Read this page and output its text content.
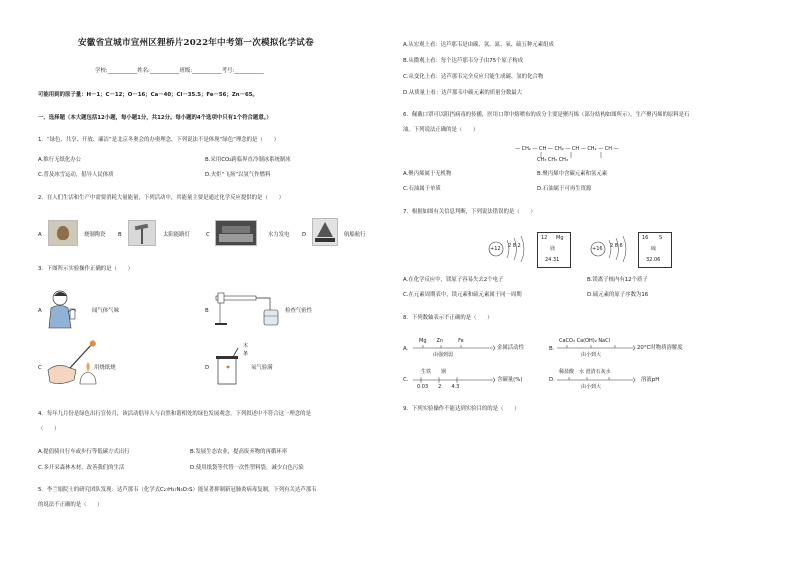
安徽省宣城市宣州区狸桥片2022年中考第一次模拟化学试卷
学校:___________姓名:___________班级:___________考号:___________
可能用到的原子量：H－1；C－12；O－16；Ca－40；Cl－35.5；Fe－56；Zn－65。
一、选择题（本大题包括12小题，每小题1分，共12分。每小题的4个选项中只有1个符合题意。）
1．“绿色、共享、开放、廉洁”是北京冬奥会的办奥理念，下列说法不是体现“绿色”理念的是（　　）
A.推行无纸化办公	B.采用CO₂跨临界直冷制冰系统制冰
C.普及冰雪运动，倡导人民体质	D.火炬“飞扬”以氢气作燃料
2．在人们生活和生产中需要消耗大量能量，下列活动中，其能量主要是通过化学反应提供的是（　　）
A	烧制陶瓷 B	太阳能路灯	C	水力发电 D	航船航行
3．下图所示实验操作正确的是（　　）
A	闻气体气味	B	检查气密性
C	用烧纸烧	D
木
条
氧气验满
4．每年九月份是绿色出行宣传月，该活动倡导人与自然和谐相处的绿色发展观念。下列叙述中不符合这一理念的是
（　　）
A.提倡骑自行车或步行等低碳方式出行	B.发展生态农业，提高废弃物的再循环率
C.多开采森林木材，改善我们的生活	D.使用纸袋等代替一次性塑料袋，减少白色污染
5．李兰娟院士的研究团队发现：达芦那韦（化学式C₂₇H₃₇N₃O₇S）能显著抑制新冠肺炎病毒复制，下列有关达芦那韦
的说法不正确的是（　　）
A.从宏观上看：达芦那韦是由碳、氢、氮、氧、硫五种元素组成
B.从微观上看：每个达芦那韦分子由75个原子构成
C.从变化上看：达芦那韦完全反应只能生成碳、氢的化合物
D.从质量上看：达芦那韦中碳元素的质量分数最大
6．佩戴口罩可以阻挡病毒的传播，医用口罩中熔喷布的成分主要是聚丙烯（部分结构如图所示），生产聚丙烯的原料是石
油。下列说法正确的是（　　）
— CH₂ — CH — CH₂ — CH — CH₂ — CH —
CH₃ CH₃ CH₃
A.聚丙烯属于无机物	B.聚丙烯中含碳元素和氢元素
C.石油属于单质	D.石油属于可再生资源
7．根据如图有关信息判断，下列说法错误的是（　　）
+12 2 8 2
12 Mg
镁
24.31
+16 2 8 6
16 S
硫
32.06
A.在化学反应中，镁原子容易失去2个电子	B.镁离子核内有12个质子
C.在元素周期表中，镁元素和硫元素属于同一周期	D.硫元素的原子序数为16
8．下列数轴表示不正确的是（　　）
A.
Mg　　Zn　　　Fe
由强到弱
金属活动性	B.
CaCO₃ Ca(OH)₂ NaCl
由小到大
20°C时物质溶解度
C.
生铁　　钢
0.03　　2　　4.3
含碳量(%)	D.
稀盐酸　水 澄清石灰水
由小到大
溶液pH
9．下列实验操作不能达到实验目的的是（　　）
